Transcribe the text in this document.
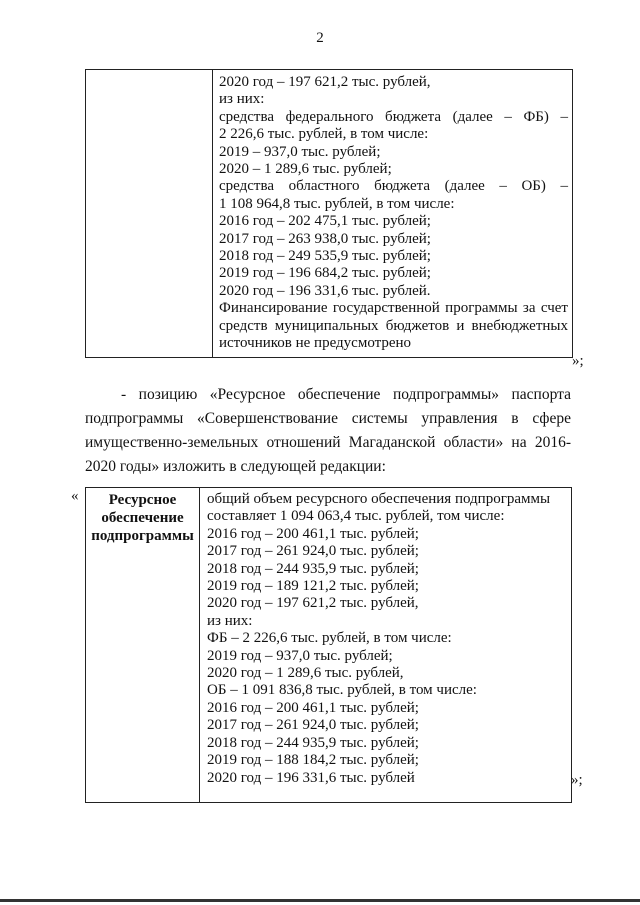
2

2020 год – 197 621,2 тыс. рублей,
из них:
средства федерального бюджета (далее – ФБ) –
2 226,6 тыс. рублей, в том числе:
2019 – 937,0 тыс. рублей;
2020 – 1 289,6 тыс. рублей;
средства областного бюджета (далее – ОБ) –
1 108 964,8 тыс. рублей, в том числе:
2016 год – 202 475,1 тыс. рублей;
2017 год – 263 938,0 тыс. рублей;
2018 год – 249 535,9 тыс. рублей;
2019 год – 196 684,2 тыс. рублей;
2020 год – 196 331,6 тыс. рублей.
Финансирование государственной программы за счет
средств муниципальных бюджетов и внебюджетных
источников не предусмотрено
»;
- позицию «Ресурсное обеспечение подпрограммы» паспорта
подпрограммы «Совершенствование системы управления в сфере
имущественно-земельных отношений Магаданской области» на 2016-
2020 годы» изложить в следующей редакции:
«	Ресурсное
обеспечение
подпрограммы

общий объем ресурсного обеспечения подпрограммы
составляет 1 094 063,4 тыс. рублей, том числе:
2016 год – 200 461,1 тыс. рублей;
2017 год – 261 924,0 тыс. рублей;
2018 год – 244 935,9 тыс. рублей;
2019 год – 189 121,2 тыс. рублей;
2020 год – 197 621,2 тыс. рублей,
из них:
ФБ – 2 226,6 тыс. рублей, в том числе:
2019 год – 937,0 тыс. рублей;
2020 год – 1 289,6 тыс. рублей,
ОБ – 1 091 836,8 тыс. рублей, в том числе:
2016 год – 200 461,1 тыс. рублей;
2017 год – 261 924,0 тыс. рублей;
2018 год – 244 935,9 тыс. рублей;
2019 год – 188 184,2 тыс. рублей;
2020 год – 196 331,6 тыс. рублей	»;
